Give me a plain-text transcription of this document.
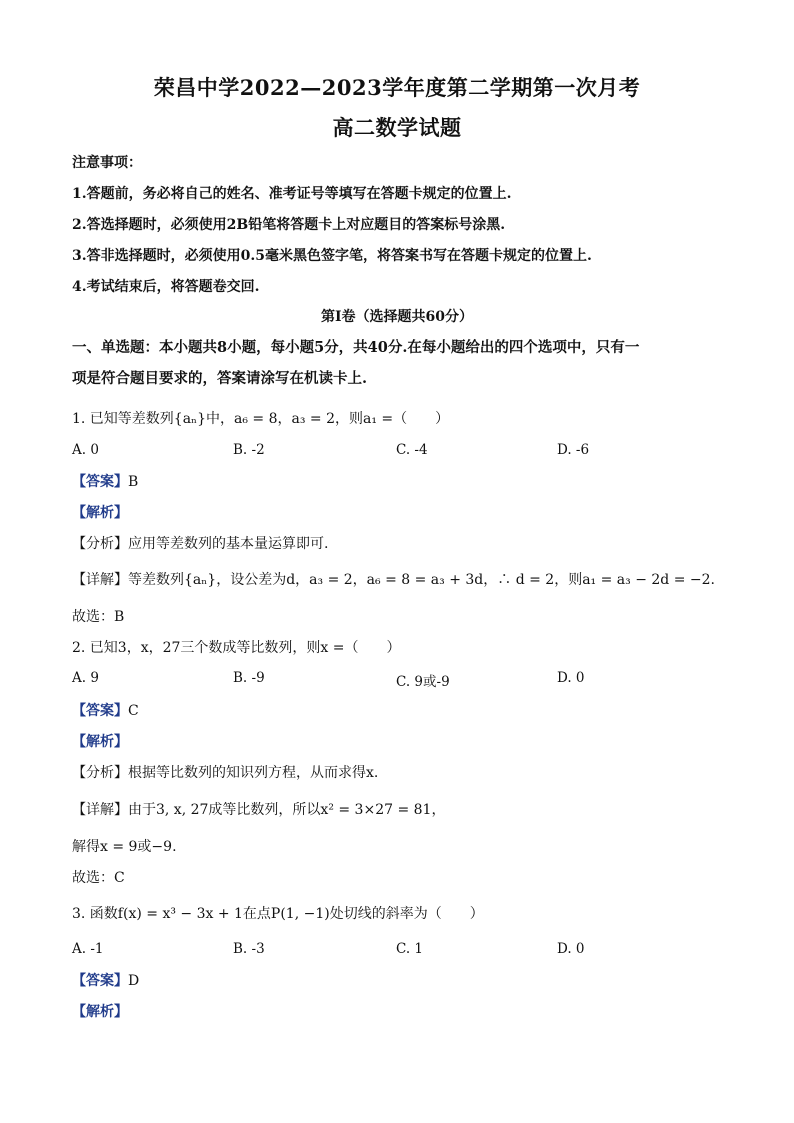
荣昌中学2022—2023学年度第二学期第一次月考
高二数学试题
注意事项：
1.答题前，务必将自己的姓名、准考证号等填写在答题卡规定的位置上.
2.答选择题时，必须使用2B铅笔将答题卡上对应题目的答案标号涂黑.
3.答非选择题时，必须使用0.5毫米黑色签字笔，将答案书写在答题卡规定的位置上.
4.考试结束后，将答题卷交回.
第I卷（选择题共60分）
一、单选题：本小题共8小题，每小题5分，共40分.在每小题给出的四个选项中，只有一
项是符合题目要求的，答案请涂写在机读卡上.
1. 已知等差数列{aₙ}中，a₆ = 8，a₃ = 2，则a₁ =（　　）
A. 0	B. -2	C. -4	D. -6
【答案】B
【解析】
【分析】应用等差数列的基本量运算即可.
【详解】等差数列{aₙ}，设公差为d，a₃ = 2，a₆ = 8 = a₃ + 3d，∴ d = 2，则a₁ = a₃ − 2d = −2.
故选：B
2. 已知3，x，27三个数成等比数列，则x =（　　）
A. 9	B. -9	C. 9或-9	D. 0
【答案】C
【解析】
【分析】根据等比数列的知识列方程，从而求得x.
【详解】由于3, x, 27成等比数列，所以x² = 3×27 = 81，
解得x = 9或−9.
故选：C
3. 函数f(x) = x³ − 3x + 1在点P(1, −1)处切线的斜率为（　　）
A. -1	B. -3	C. 1	D. 0
【答案】D
【解析】
